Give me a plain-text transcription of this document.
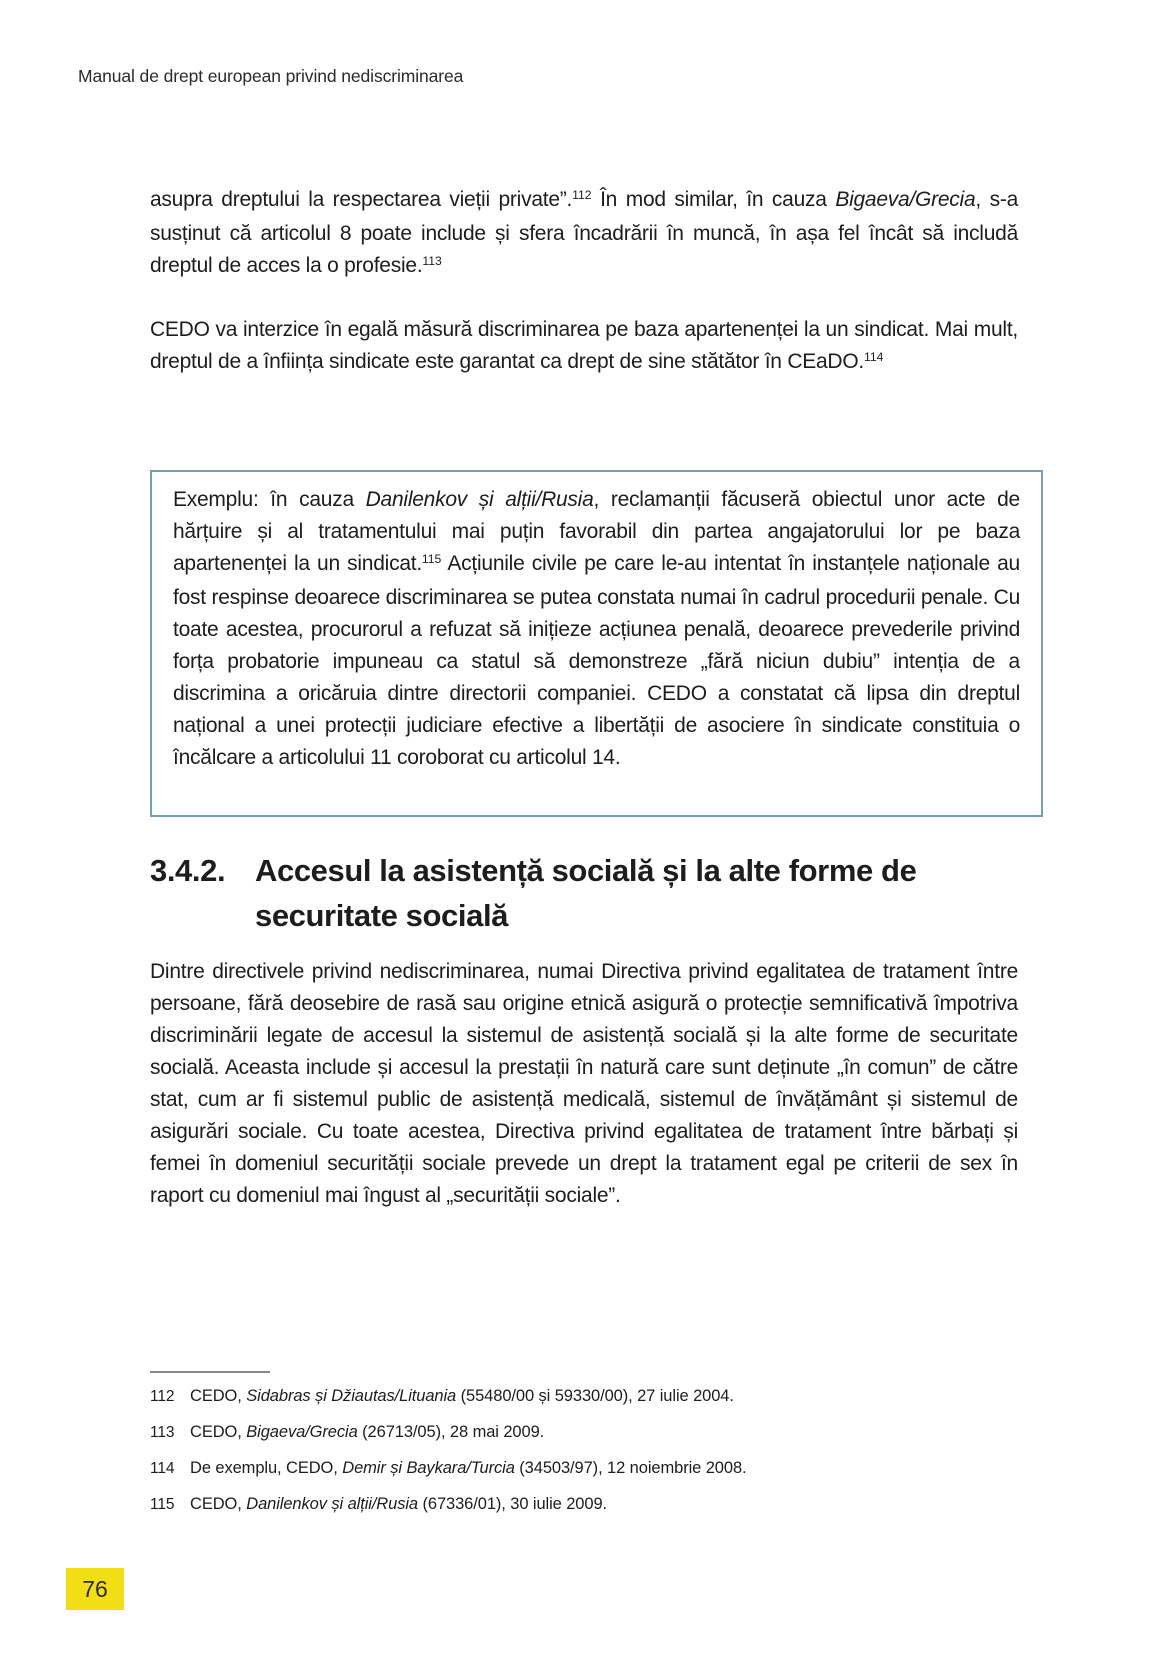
Manual de drept european privind nediscriminarea

asupra dreptului la respectarea vieții private”.$^{112}$ În mod similar, în cauza Bigaeva/Grecia, s-a susținut că articolul 8 poate include și sfera încadrării în muncă, în așa fel încât să includă dreptul de acces la o profesie.$^{113}$

CEDO va interzice în egală măsură discriminarea pe baza apartenenței la un sindicat. Mai mult, dreptul de a înființa sindicate este garantat ca drept de sine stătător în CEaDO.$^{114}$

Exemplu: în cauza Danilenkov și alții/Rusia, reclamanții făcuseră obiectul unor acte de hărțuire și al tratamentului mai puțin favorabil din partea angajatorului lor pe baza apartenenței la un sindicat.$^{115}$ Acțiunile civile pe care le-au intentat în instanțele naționale au fost respinse deoarece discriminarea se putea constata numai în cadrul procedurii penale. Cu toate acestea, procurorul a refuzat să inițieze acțiunea penală, deoarece prevederile privind forța probatorie impuneau ca statul să demonstreze „fără niciun dubiu” intenția de a discrimina a oricăruia dintre directorii companiei. CEDO a constatat că lipsa din dreptul național a unei protecții judiciare efective a libertății de asociere în sindicate constituia o încălcare a articolului 11 coroborat cu articolul 14.

3.4.2. Accesul la asistență socială și la alte forme de securitate socială

Dintre directivele privind nediscriminarea, numai Directiva privind egalitatea de tratament între persoane, fără deosebire de rasă sau origine etnică asigură o protecție semnificativă împotriva discriminării legate de accesul la sistemul de asistență socială și la alte forme de securitate socială. Aceasta include și accesul la prestații în natură care sunt deținute „în comun” de către stat, cum ar fi sistemul public de asistență medicală, sistemul de învățământ și sistemul de asigurări sociale. Cu toate acestea, Directiva privind egalitatea de tratament între bărbați și femei în domeniul securității sociale prevede un drept la tratament egal pe criterii de sex în raport cu domeniul mai îngust al „securității sociale”.

112 CEDO, Sidabras și Džiautas/Lituania (55480/00 și 59330/00), 27 iulie 2004.
113 CEDO, Bigaeva/Grecia (26713/05), 28 mai 2009.
114 De exemplu, CEDO, Demir și Baykara/Turcia (34503/97), 12 noiembrie 2008.
115 CEDO, Danilenkov și alții/Rusia (67336/01), 30 iulie 2009.
76
